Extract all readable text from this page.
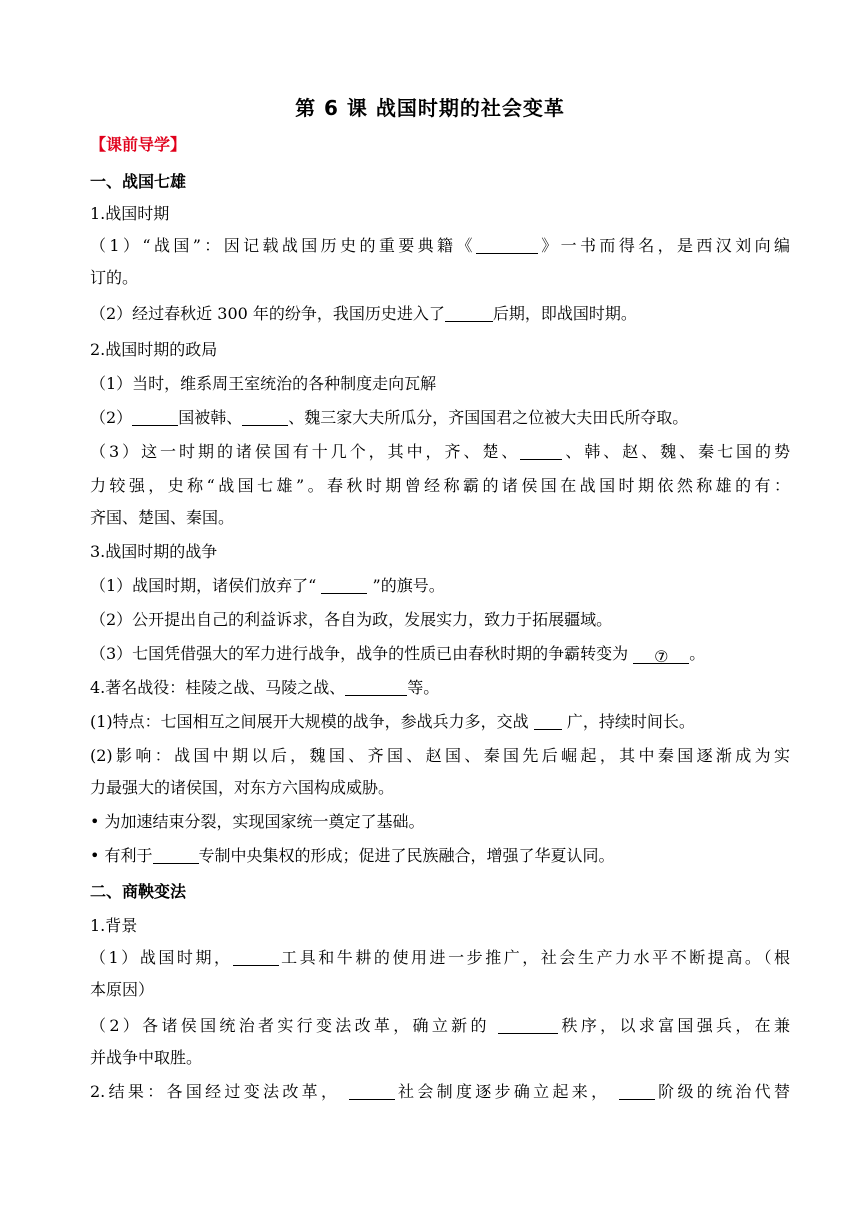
第 6 课 战国时期的社会变革
【课前导学】
一、战国七雄
1.战国时期
（1）“战国”：因记载战国历史的重要典籍《	》一书而得名，是西汉刘向编
订的。
（2）经过春秋近 300 年的纷争，我国历史进入了	后期，即战国时期。
2.战国时期的政局
（1）当时，维系周王室统治的各种制度走向瓦解
（2）	国被韩、	、魏三家大夫所瓜分，齐国国君之位被大夫田氏所夺取。
（3）这一时期的诸侯国有十几个，其中，齐、楚、	、韩、赵、魏、秦七国的势
力较强，史称“战国七雄”。春秋时期曾经称霸的诸侯国在战国时期依然称雄的有：
齐国、楚国、秦国。
3.战国时期的战争
（1）战国时期，诸侯们放弃了“	”的旗号。
（2）公开提出自己的利益诉求，各自为政，发展实力，致力于拓展疆域。
（3）七国凭借强大的军力进行战争，战争的性质已由春秋时期的争霸转变为 ⑦ 。
4.著名战役：桂陵之战、马陵之战、	等。
(1)特点：七国相互之间展开大规模的战争，参战兵力多，交战  广，持续时间长。
(2)影响：战国中期以后，魏国、齐国、赵国、秦国先后崛起，其中秦国逐渐成为实
力最强大的诸侯国，对东方六国构成威胁。
• 为加速结束分裂，实现国家统一奠定了基础。
• 有利于	专制中央集权的形成；促进了民族融合，增强了华夏认同。
二、商鞅变法
1.背景
（1）战国时期，	工具和牛耕的使用进一步推广，社会生产力水平不断提高。（根
本原因）
（2）各诸侯国统治者实行变法改革，确立新的	秩序，以求富国强兵，在兼
并战争中取胜。
2.结果：各国经过变法改革，	社会制度逐步确立起来， 阶级的统治代替
